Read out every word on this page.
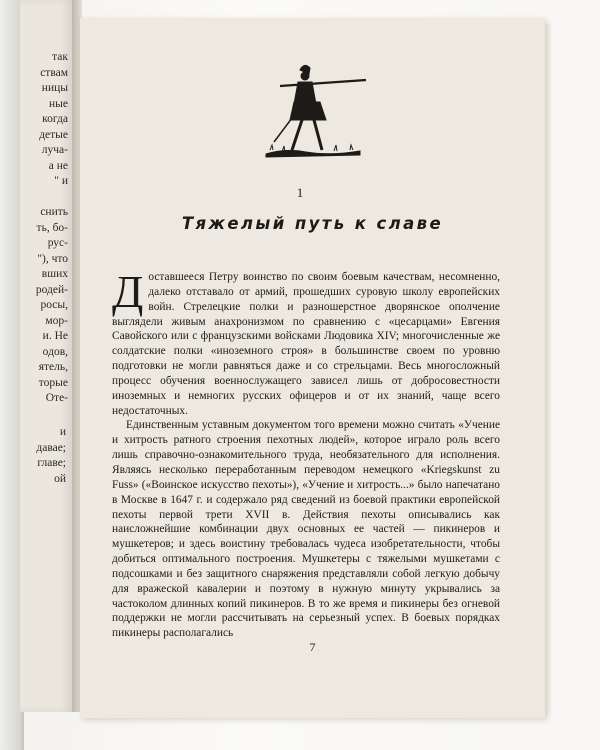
так
ствам
ницы
ные
когда
детые
лучa-
а не
" и
снить
ть, бо-
рус-
"), что
вших
родей-
росы,
мор-
и. Не
одов,
ятель,
торые
Оте-
и
давае;
главе;
ой
1
Тяжелый путь к славе

Доставшееся Петру воинство по своим боевым качествам, несомненно, далеко отставало от армий, прошедших суровую школу европейских войн. Стрелецкие полки и разношерстное дворянское ополчение выглядели живым анахронизмом по сравнению с «цесарцами» Евгения Савойского или с французскими войсками Людовика XIV; многочисленные же солдатские полки «иноземного строя» в большинстве своем по уровню подготовки не могли равняться даже и со стрельцами. Весь многосложный процесс обучения военнослужащего зависел лишь от добросовестности иноземных и немногих русских офицеров и от их знаний, чаще всего недостаточных.

Единственным уставным документом того времени можно считать «Учение и хитрость ратного строения пехотных людей», которое играло роль всего лишь справочно-ознакомительного труда, необязательного для исполнения. Являясь несколько переработанным переводом немецкого «Kriegskunst zu Fuss» («Воинское искусство пехоты»), «Учение и хитрость...» было напечатано в Москве в 1647 г. и содержало ряд сведений из боевой практики европейской пехоты первой трети XVII в. Действия пехоты описывались как наисложнейшие комбинации двух основных ее частей — пикинеров и мушкетеров; и здесь воистину требовалась чудеса изобретательности, чтобы добиться оптимального построения. Мушкетеры с тяжелыми мушкетами с подсошками и без защитного снаряжения представляли собой легкую добычу для вражеской кавалерии и поэтому в нужную минуту укрывались за частоколом длинных копий пикинеров. В то же время и пикинеры без огневой поддержки не могли рассчитывать на серьезный успех. В боевых порядках пикинеры располагались

7
